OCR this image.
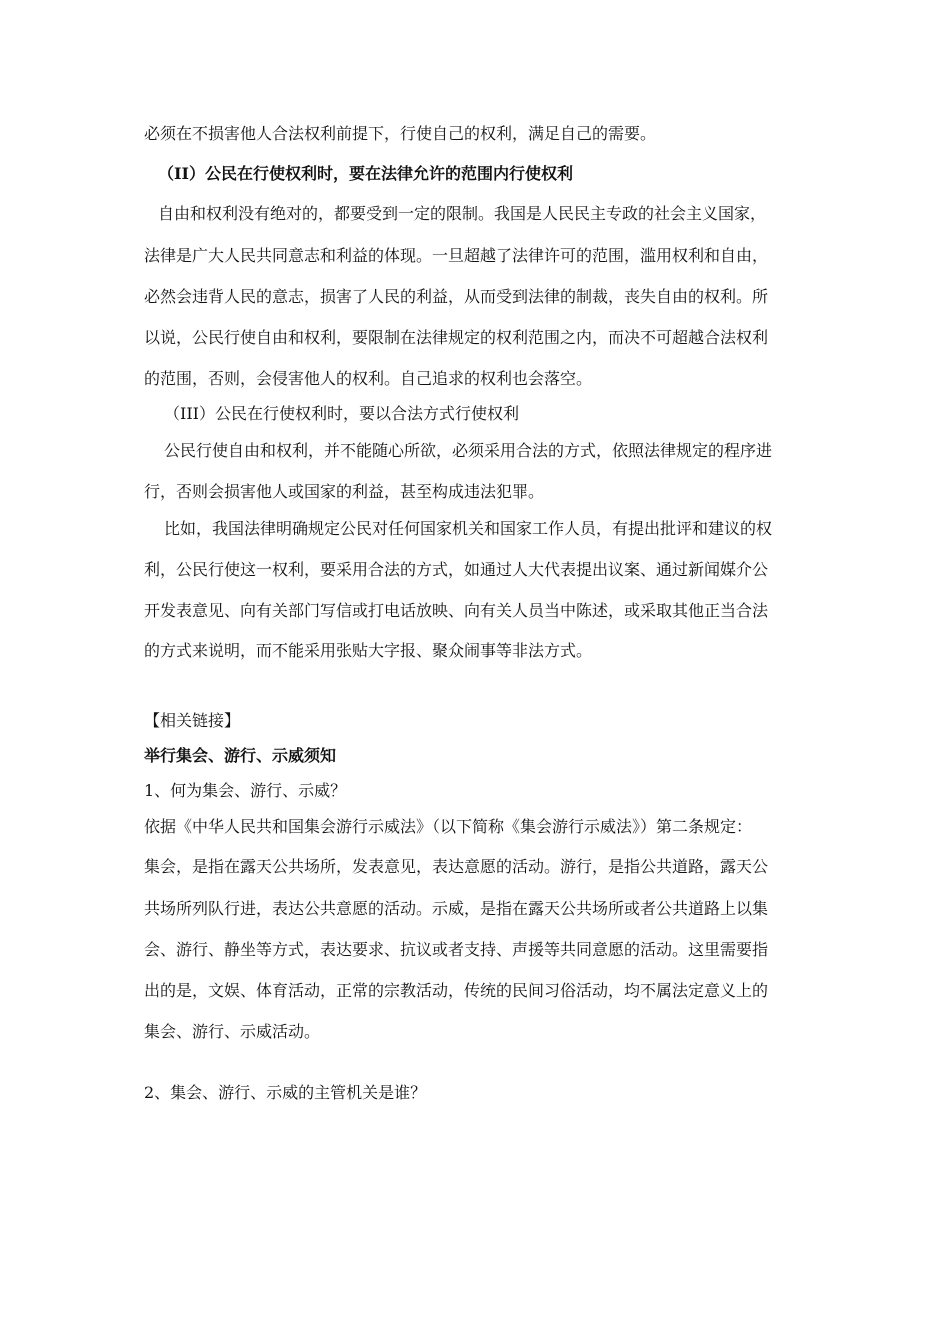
必须在不损害他人合法权利前提下，行使自己的权利，满足自己的需要。
（II）公民在行使权利时，要在法律允许的范围内行使权利
自由和权利没有绝对的，都要受到一定的限制。我国是人民民主专政的社会主义国家，
法律是广大人民共同意志和利益的体现。一旦超越了法律许可的范围，滥用权利和自由，
必然会违背人民的意志，损害了人民的利益，从而受到法律的制裁，丧失自由的权利。所
以说，公民行使自由和权利，要限制在法律规定的权利范围之内，而决不可超越合法权利
的范围，否则，会侵害他人的权利。自己追求的权利也会落空。
（III）公民在行使权利时，要以合法方式行使权利
公民行使自由和权利，并不能随心所欲，必须采用合法的方式，依照法律规定的程序进
行，否则会损害他人或国家的利益，甚至构成违法犯罪。
比如，我国法律明确规定公民对任何国家机关和国家工作人员，有提出批评和建议的权
利，公民行使这一权利，要采用合法的方式，如通过人大代表提出议案、通过新闻媒介公
开发表意见、向有关部门写信或打电话放映、向有关人员当中陈述，或采取其他正当合法
的方式来说明，而不能采用张贴大字报、聚众闹事等非法方式。
【相关链接】
举行集会、游行、示威须知
1、何为集会、游行、示威？
依据《中华人民共和国集会游行示威法》（以下简称《集会游行示威法》）第二条规定：
集会，是指在露天公共场所，发表意见，表达意愿的活动。游行，是指公共道路，露天公
共场所列队行进，表达公共意愿的活动。示威，是指在露天公共场所或者公共道路上以集
会、游行、静坐等方式，表达要求、抗议或者支持、声援等共同意愿的活动。这里需要指
出的是，文娱、体育活动，正常的宗教活动，传统的民间习俗活动，均不属法定意义上的
集会、游行、示威活动。
2、集会、游行、示威的主管机关是谁？
